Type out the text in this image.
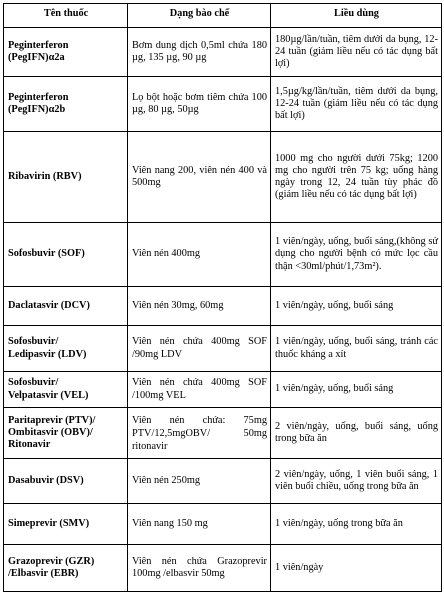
Tên thuốc	Dạng bào chế	Liều dùng
Peginterferon
(PegIFN)α2a	Bơm dung dịch 0,5ml chứa 180 µg, 135 µg, 90 µg	180µg/lần/tuần, tiêm dưới da bụng, 12- 24 tuần (giảm liều nếu có tác dụng bất lợi)
Peginterferon
(PegIFN)α2b	Lọ bột hoặc bơm tiêm chứa 100 µg, 80 µg, 50µg	1,5µg/kg/lần/tuần, tiêm dưới da bụng, 12-24 tuần (giảm liều nếu có tác dụng bất lợi)
Ribavirin (RBV)	Viên nang 200, viên nén 400 và 500mg	1000 mg cho người dưới 75kg; 1200 mg cho người trên 75 kg; uống hàng ngày trong 12, 24 tuần tùy phác đồ (giảm liều nếu có tác dụng bất lợi)
Sofosbuvir (SOF)	Viên nén 400mg	1 viên/ngày, uống, buổi sáng,(không sử dụng cho người bệnh có mức lọc cầu thận <30ml/phút/1,73m²).
Daclatasvir (DCV)	Viên nén 30mg, 60mg	1 viên/ngày, uống, buổi sáng
Sofosbuvir/
Ledipasvir (LDV)	Viên nén chứa 400mg SOF /90mg LDV	1 viên/ngày, uống, buổi sáng, tránh các thuốc kháng a xít
Sofosbuvir/
Velpatasvir (VEL)	Viên nén chứa 400mg SOF /100mg VEL	1 viên/ngày, uống, buổi sáng
Paritaprevir (PTV)/
Ombitasvir (OBV)/
Ritonavir	Viên nén chứa: 75mg PTV/12,5mgOBV/ 50mg ritonavir	2 viên/ngày, uống, buổi sáng, uống trong bữa ăn
Dasabuvir (DSV)	Viên nén 250mg	2 viên/ngày, uống, 1 viên buổi sáng, 1 viên buổi chiều, uống trong bữa ăn
Simeprevir (SMV)	Viên nang 150 mg	1 viên/ngày, uống trong bữa ăn
Grazoprevir (GZR)
/Elbasvir (EBR)	Viên nén chứa Grazoprevir 100mg /elbasvir 50mg	1 viên/ngày
